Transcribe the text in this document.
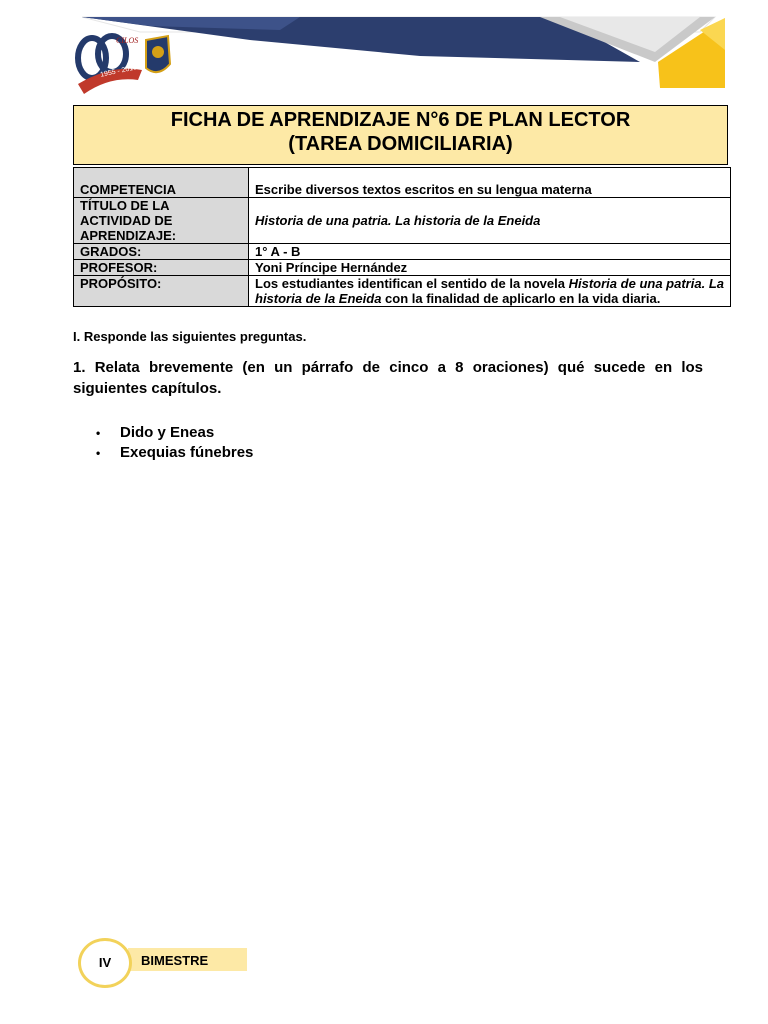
CILOS
1955 - 2015
FICHA DE APRENDIZAJE N°6 DE PLAN LECTOR
(TAREA DOMICILIARIA)
COMPETENCIA	Escribe diversos textos escritos en su lengua materna

TÍTULO DE LA
ACTIVIDAD DE
APRENDIZAJE:	Historia de una patria. La historia de la Eneida
GRADOS:	1° A - B
PROFESOR:	Yoni Príncipe Hernández
PROPÓSITO:	Los estudiantes identifican el sentido de la novela Historia de una patria. La historia de la Eneida con la finalidad de aplicarlo en la vida diaria.
I. Responde las siguientes preguntas.
1. Relata brevemente (en un párrafo de cinco a 8 oraciones) qué sucede en los siguientes capítulos.
• Dido y Eneas
• Exequias fúnebres
BIMESTRE
IV
